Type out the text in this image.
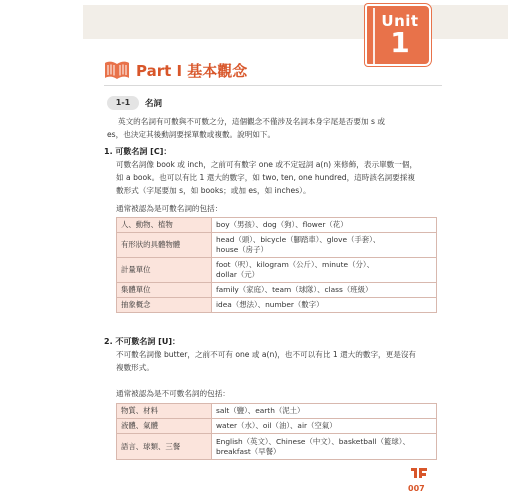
Unit
1
Part I 基本觀念
1-1	名詞
英文的名詞有可數與不可數之分，這個觀念不僅涉及名詞本身字尾是否要加 s 或
es，也決定其後動詞要採單數或複數。說明如下。
1. 可數名詞 [C]：
可數名詞像 book 或 inch，之前可有數字 one 或不定冠詞 a(n) 來修飾，表示單數一個，
如 a book。也可以有比 1 還大的數字，如 two, ten, one hundred，這時該名詞要採複
數形式（字尾要加 s，如 books；或加 es，如 inches）。
通常被認為是可數名詞的包括：
人、動物、植物	boy（男孩）、dog（狗）、flower（花）

有形狀的具體物體	head（頭）、bicycle（腳踏車）、glove（手套）、
house（房子）

計量單位	foot（呎）、kilogram（公斤）、minute（分）、
dollar（元）

集體單位	family（家庭）、team（球隊）、class（班級）

抽象概念	idea（想法）、number（數字）
2. 不可數名詞 [U]：
不可數名詞像 butter，之前不可有 one 或 a(n)，也不可以有比 1 還大的數字，更是沒有
複數形式。
通常被認為是不可數名詞的包括：
物質、材料	salt（鹽）、earth（泥土）

液體、氣體	water（水）、oil（油）、air（空氣）

語言、球類、三餐	English（英文）、Chinese（中文）、basketball（籃球）、
breakfast（早餐）
007
